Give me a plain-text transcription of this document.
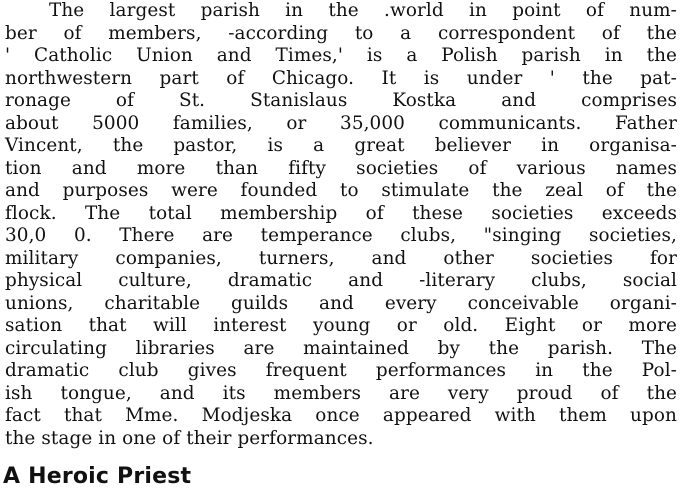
The largest parish in the .world in point of num-
ber of members, -according to a correspondent of the
' Catholic Union and Times,' is a Polish parish in the
northwestern part of Chicago. It is under ' the pat-
ronage of St. Stanislaus Kostka and comprises
about 5000 families, or 35,000 communicants. Father
Vincent, the pastor, is a great believer in organisa-
tion and more than fifty societies of various names
and purposes were founded to stimulate the zeal of the
flock. The total membership of these societies exceeds
30,0 0. There are temperance clubs, "singing societies,
military companies, turners, and other societies for
physical culture, dramatic and -literary clubs, social
unions, charitable guilds and every conceivable organi-
sation that will interest young or old. Eight or more
circulating libraries are maintained by the parish. The
dramatic club gives frequent performances in the Pol-
ish tongue, and its members are very proud of the
fact that Mme. Modjeska once appeared with them upon
the stage in one of their performances.
A Heroic Priest
